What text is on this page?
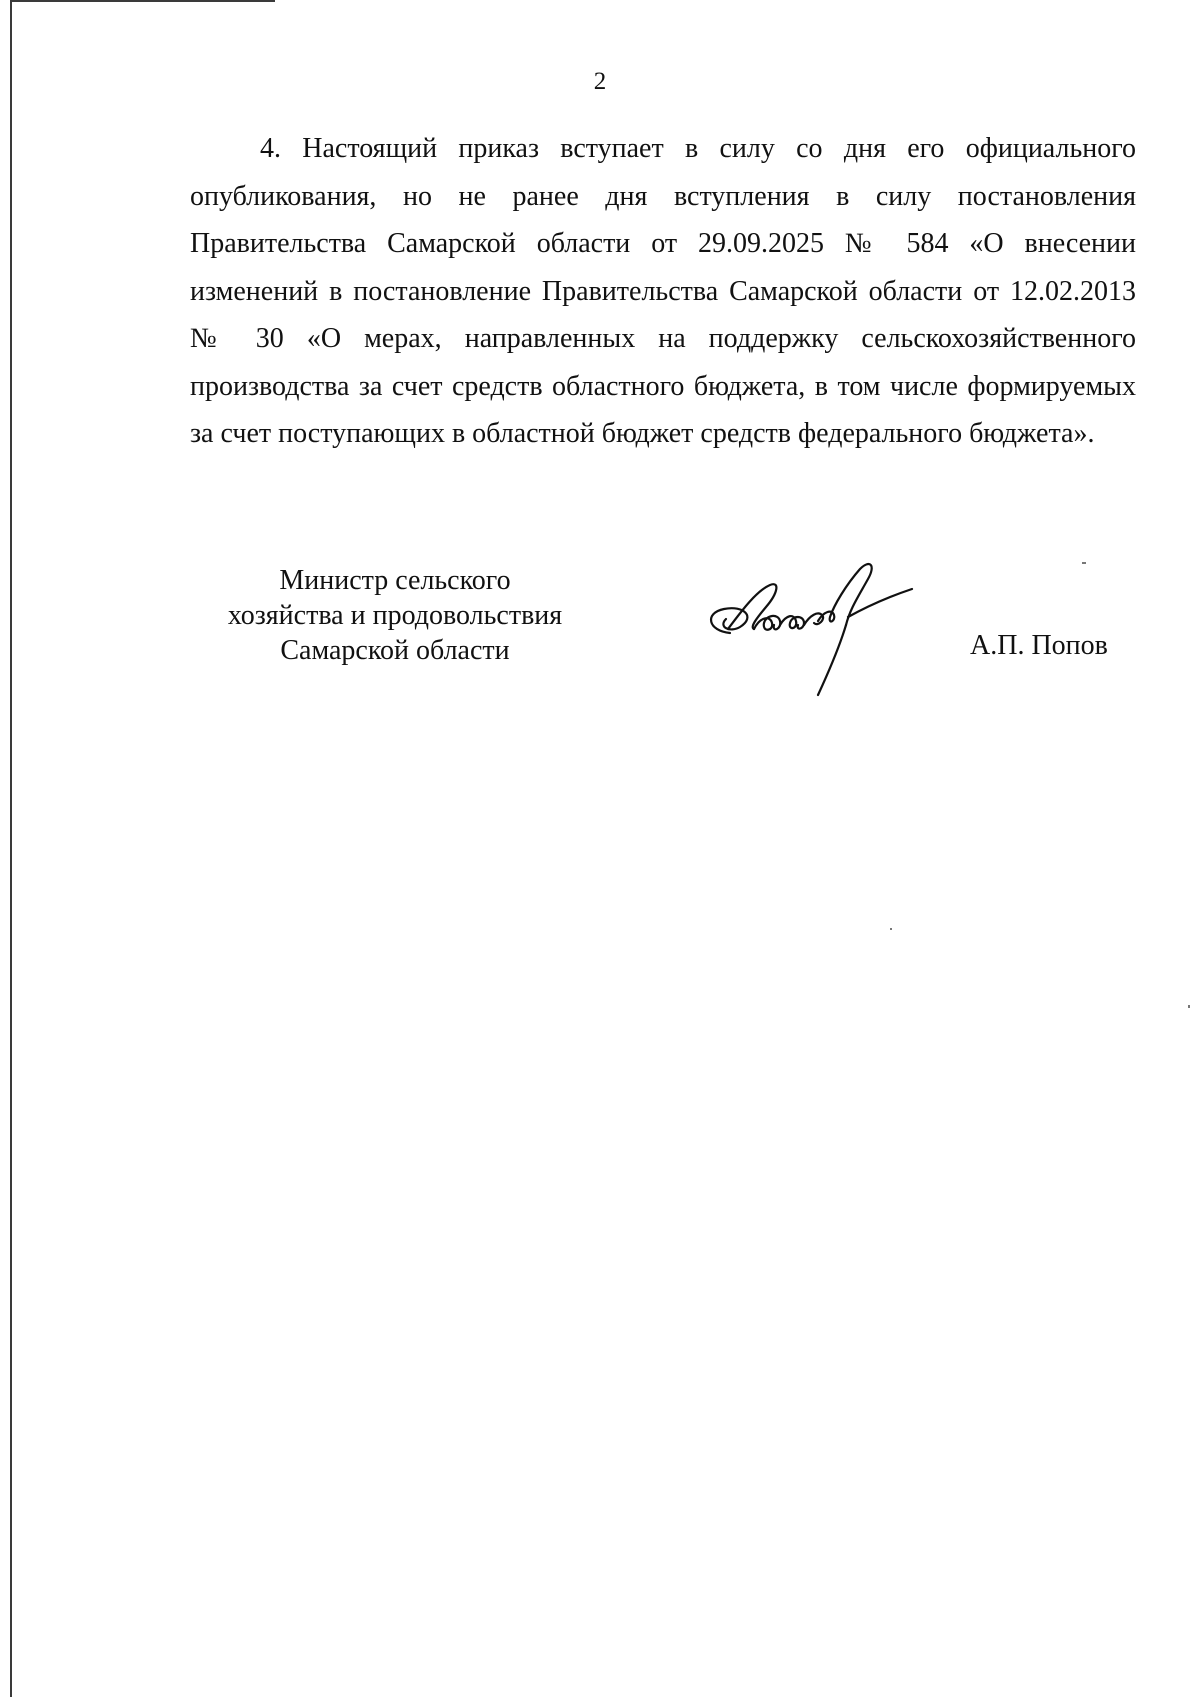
2

4. Настоящий приказ вступает в силу со дня его официального опубликования, но не ранее дня вступления в силу постановления Правительства Самарской области от 29.09.2025 № 584 «О внесении изменений в постановление Правительства Самарской области от 12.02.2013 № 30 «О мерах, направленных на поддержку сельскохозяйственного производства за счет средств областного бюджета, в том числе формируемых за счет поступающих в областной бюджет средств федерального бюджета».

Министр сельского
хозяйства и продовольствия
Самарской области	А.П. Попов
